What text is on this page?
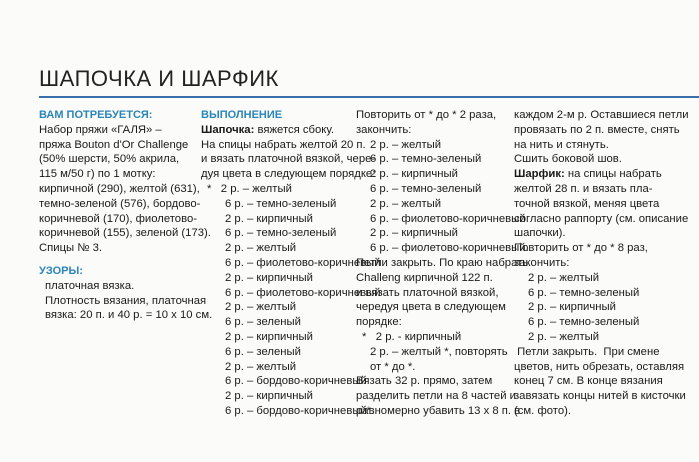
ШАПОЧКА И ШАРФИК
ВАМ ПОТРЕБУЕТСЯ:
Набор пряжи «ГАЛЯ» –
пряжа Bouton d'Or Challenge
(50% шерсти, 50% акрила,
115 м/50 г) по 1 мотку:
кирпичной (290), желтой (631),
темно-зеленой (576), бордово-
коричневой (170), фиолетово-
коричневой (155), зеленой (173).
Спицы № 3.
УЗОРЫ:
платочная вязка.
Плотность вязания, платочная
вязка: 20 п. и 40 р. = 10 х 10 см.
ВЫПОЛНЕНИЕ
Шапочка: вяжется сбоку.
На спицы набрать желтой 20 п.
и вязать платочной вязкой, чере-
дуя цвета в следующем порядке:
*   2 р. – желтый
6 р. – темно-зеленый
2 р. – кирпичный
6 р. – темно-зеленый
2 р. – желтый
6 р. – фиолетово-коричневый
2 р. – кирпичный
6 р. – фиолетово-коричневый
2 р. – желтый
6 р. – зеленый
2 р. – кирпичный
6 р. – зеленый
2 р. – желтый
6 р. – бордово-коричневый
2 р. – кирпичный
6 р. – бордово-коричневый*.
Повторить от * до * 2 раза,
закончить:
2 р. – желтый
6 р. – темно-зеленый
2 р. – кирпичный
6 р. – темно-зеленый
2 р. – желтый
6 р. – фиолетово-коричневый
2 р. – кирпичный
6 р. – фиолетово-коричневый.
Петли закрыть. По краю набрать
Challeng кирпичной 122 п.
и вязать платочной вязкой,
чередуя цвета в следующем
порядке:
*   2 р. - кирпичный
2 р. – желтый *, повторять
от * до *.
Вязать 32 р. прямо, затем
разделить петли на 8 частей и
равномерно убавить 13 х 8 п. в
каждом 2-м р. Оставшиеся петли
провязать по 2 п. вместе, снять
на нить и стянуть.
Сшить боковой шов.
Шарфик: на спицы набрать
желтой 28 п. и вязать пла-
точной вязкой, меняя цвета
согласно раппорту (см. описание
шапочки).
Повторить от * до * 8 раз,
закончить:
2 р. – желтый
6 р. – темно-зеленый
2 р. – кирпичный
6 р. – темно-зеленый
2 р. – желтый
Петли закрыть.  При смене
цветов, нить обрезать, оставляя
конец 7 см. В конце вязания
завязать концы нитей в кисточки
(см. фото).
